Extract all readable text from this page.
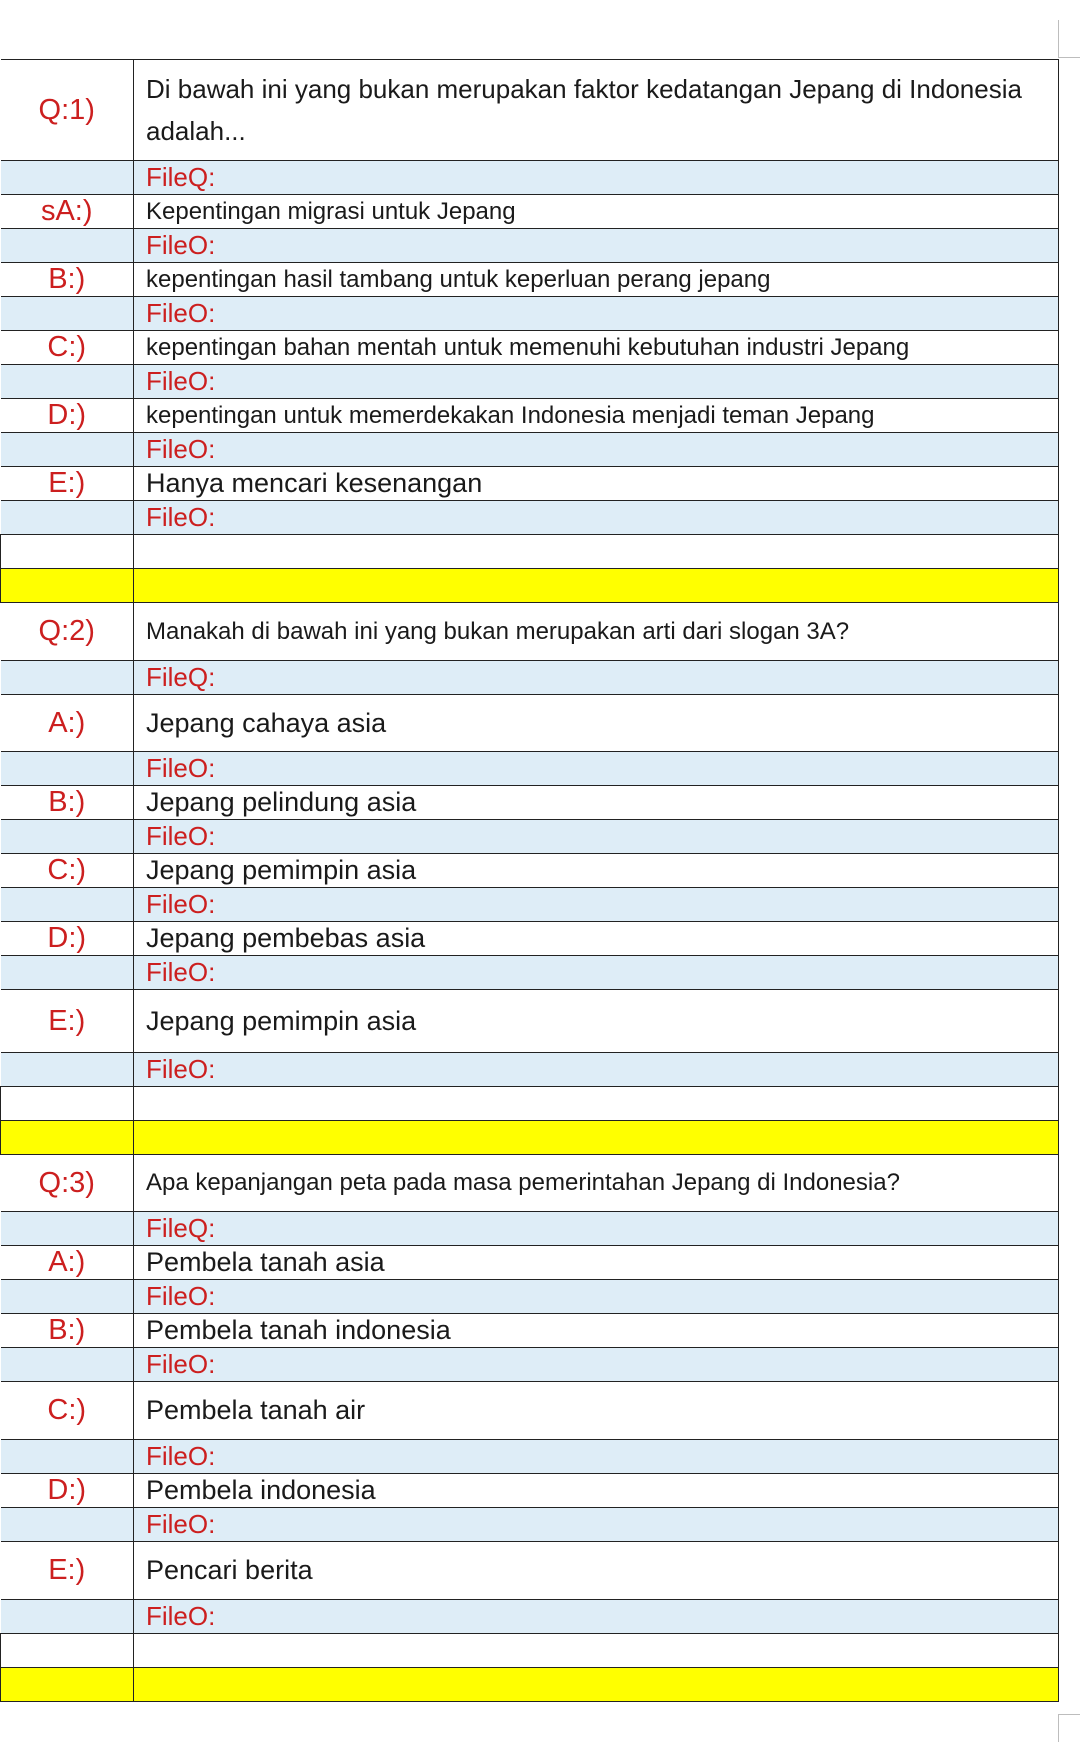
Q:1)	Di bawah ini yang bukan merupakan faktor kedatangan Jepang di Indonesia adalah...
	FileQ:
sA:)	Kepentingan migrasi untuk Jepang
	FileO:
B:)	kepentingan hasil tambang untuk keperluan perang jepang
	FileO:
C:)	kepentingan bahan mentah untuk memenuhi kebutuhan industri Jepang
	FileO:
D:)	kepentingan untuk memerdekakan Indonesia menjadi teman Jepang
	FileO:
E:)	Hanya mencari kesenangan
	FileO:

Q:2)	Manakah di bawah ini yang bukan merupakan arti dari slogan 3A?
	FileQ:
A:)	Jepang cahaya asia
	FileO:
B:)	Jepang pelindung asia
	FileO:
C:)	Jepang pemimpin asia
	FileO:
D:)	Jepang pembebas asia
	FileO:
E:)	Jepang pemimpin asia
	FileO:

Q:3)	Apa kepanjangan peta pada masa pemerintahan Jepang di Indonesia?
	FileQ:
A:)	Pembela tanah asia
	FileO:
B:)	Pembela tanah indonesia
	FileO:
C:)	Pembela tanah air
	FileO:
D:)	Pembela indonesia
	FileO:
E:)	Pencari berita
	FileO:
